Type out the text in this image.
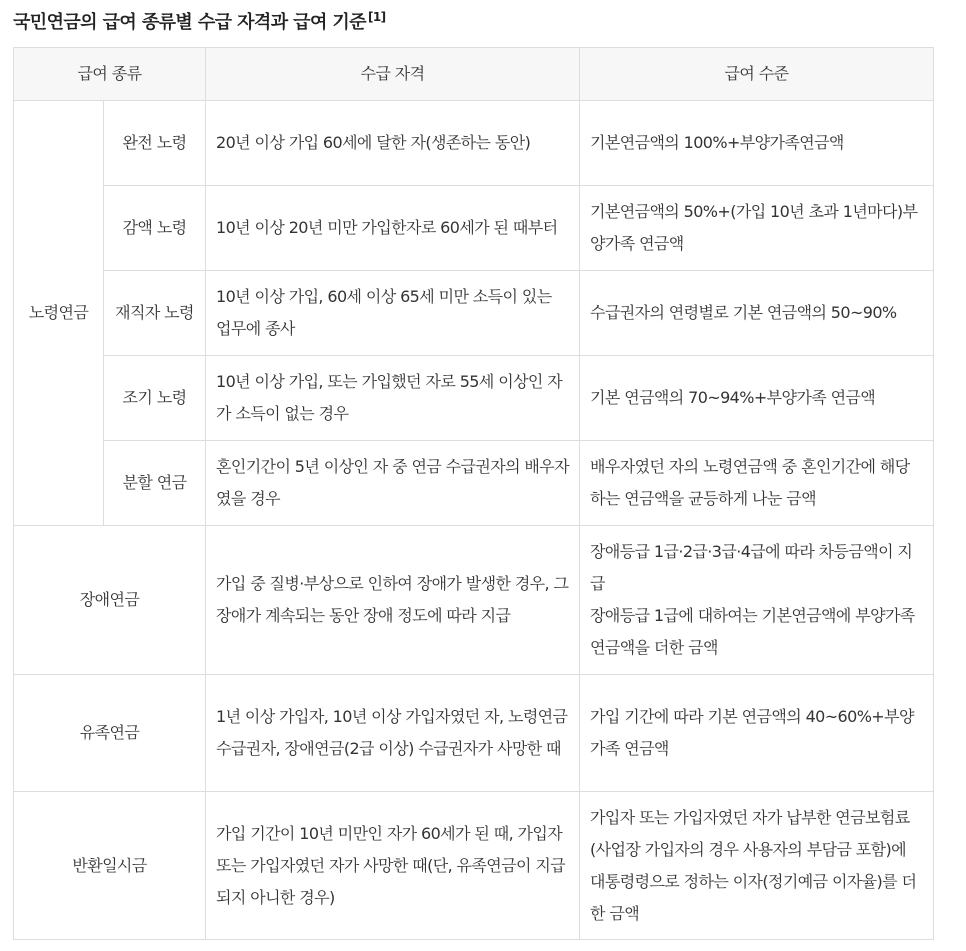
국민연금의 급여 종류별 수급 자격과 급여 기준 [1]
급여 종류		수급 자격	급여 수준
노령연금	완전 노령	20년 이상 가입 60세에 달한 자(생존하는 동안)	기본연금액의 100%+부양가족연금액
	감액 노령	10년 이상 20년 미만 가입한자로 60세가 된 때부터	기본연금액의 50%+(가입 10년 초과 1년마다)부양가족 연금액
	재직자 노령	10년 이상 가입, 60세 이상 65세 미만 소득이 있는 업무에 종사	수급권자의 연령별로 기본 연금액의 50~90%
	조기 노령	10년 이상 가입, 또는 가입했던 자로 55세 이상인 자가 소득이 없는 경우	기본 연금액의 70~94%+부양가족 연금액
	분할 연금	혼인기간이 5년 이상인 자 중 연금 수급권자의 배우자였을 경우	배우자였던 자의 노령연금액 중 혼인기간에 해당하는 연금액을 균등하게 나눈 금액
장애연금		가입 중 질병·부상으로 인하여 장애가 발생한 경우, 그 장애가 계속되는 동안 장애 정도에 따라 지급	장애등급 1급·2급·3급·4급에 따라 차등금액이 지급
장애등급 1급에 대하여는 기본연금액에 부양가족 연금액을 더한 금액

유족연금		1년 이상 가입자, 10년 이상 가입자였던 자, 노령연금 수급권자, 장애연금(2급 이상) 수급권자가 사망한 때	가입 기간에 따라 기본 연금액의 40~60%+부양가족 연금액
반환일시금		가입 기간이 10년 미만인 자가 60세가 된 때, 가입자 또는 가입자였던 자가 사망한 때(단, 유족연금이 지급되지 아니한 경우)	가입자 또는 가입자였던 자가 납부한 연금보험료(사업장 가입자의 경우 사용자의 부담금 포함)에 대통령령으로 정하는 이자(정기예금 이자율)를 더한 금액
